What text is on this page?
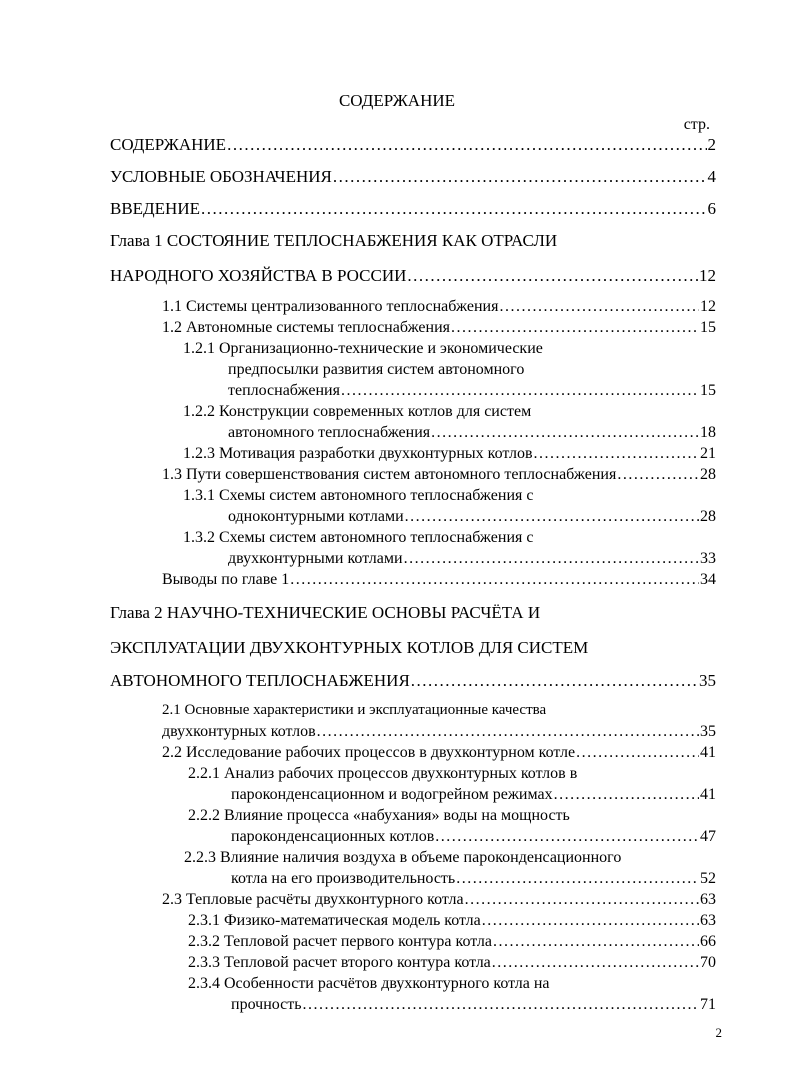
СОДЕРЖАНИЕ
стр.
СОДЕРЖАНИЕ .....	2
УСЛОВНЫЕ ОБОЗНАЧЕНИЯ .....	4
ВВЕДЕНИЕ .....	6
Глава 1 СОСТОЯНИЕ ТЕПЛОСНАБЖЕНИЯ КАК ОТРАСЛИ
НАРОДНОГО ХОЗЯЙСТВА В РОССИИ .....	12
1.1 Системы централизованного теплоснабжения .....	12
1.2 Автономные системы теплоснабжения .....	15
1.2.1 Организационно-технические и экономические
предпосылки развития систем автономного
теплоснабжения .....	15
1.2.2 Конструкции современных котлов для систем
автономного теплоснабжения .....	18
1.2.3 Мотивация разработки двухконтурных котлов .....	21
1.3 Пути совершенствования систем автономного теплоснабжения .....	28
1.3.1 Схемы систем автономного теплоснабжения с
одноконтурными котлами .....	28
1.3.2 Схемы систем автономного теплоснабжения с
двухконтурными котлами .....	33
Выводы по главе 1 .....	34
Глава 2 НАУЧНО-ТЕХНИЧЕСКИЕ ОСНОВЫ РАСЧЁТА И
ЭКСПЛУАТАЦИИ ДВУХКОНТУРНЫХ КОТЛОВ ДЛЯ СИСТЕМ
АВТОНОМНОГО ТЕПЛОСНАБЖЕНИЯ .....	35
2.1 Основные характеристики и эксплуатационные качества
двухконтурных котлов .....	35
2.2 Исследование рабочих процессов в двухконтурном котле .....	41
2.2.1 Анализ рабочих процессов двухконтурных котлов в
пароконденсационном и водогрейном режимах .....	41
2.2.2 Влияние процесса «набухания» воды на мощность
пароконденсационных котлов .....	47
2.2.3 Влияние наличия воздуха в объеме пароконденсационного
котла на его производительность .....	52
2.3 Тепловые расчёты двухконтурного котла .....	63
2.3.1 Физико-математическая модель котла .....	63
2.3.2 Тепловой расчет первого контура котла .....	66
2.3.3 Тепловой расчет второго контура котла .....	70
2.3.4 Особенности расчётов двухконтурного котла на
прочность .....	71
2
